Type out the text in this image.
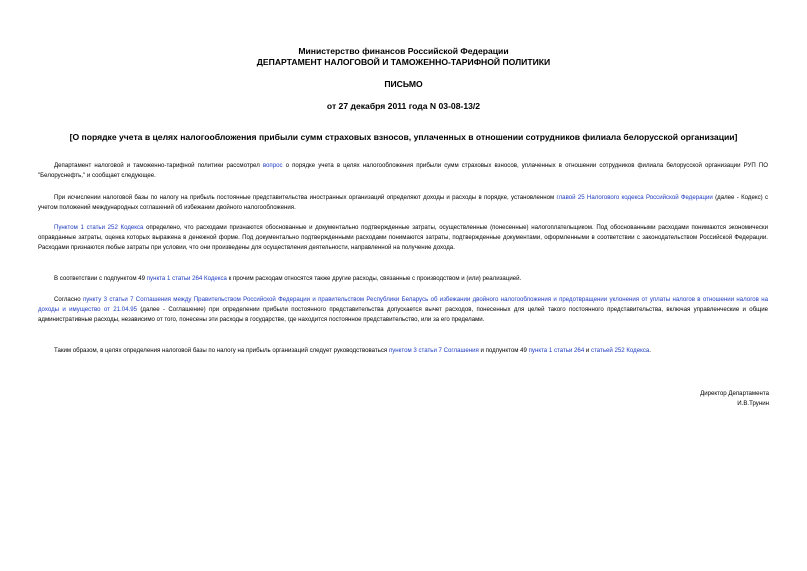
Министерство финансов Российской Федерации
ДЕПАРТАМЕНТ НАЛОГОВОЙ И ТАМОЖЕННО-ТАРИФНОЙ ПОЛИТИКИ
ПИСЬМО
от 27 декабря 2011 года N 03-08-13/2
[О порядке учета в целях налогообложения прибыли сумм страховых взносов, уплаченных в отношении сотрудников филиала белорусской организации]

Департамент налоговой и таможенно-тарифной политики рассмотрел вопрос о порядке учета в целях налогообложения прибыли сумм страховых взносов, уплаченных в отношении сотрудников филиала белорусской организации РУП ПО "Белоруснефть," и сообщает следующее.

При исчислении налоговой базы по налогу на прибыль постоянные представительства иностранных организаций определяют доходы и расходы в порядке, установленном главой 25 Налогового кодекса Российской Федерации (далее - Кодекс) с учетом положений международных соглашений об избежании двойного налогообложения.

Пунктом 1 статьи 252 Кодекса определено, что расходами признаются обоснованные и документально подтвержденные затраты, осуществленные (понесенные) налогоплательщиком. Под обоснованными расходами понимаются экономически оправданные затраты, оценка которых выражена в денежной форме. Под документально подтвержденными расходами понимаются затраты, подтвержденные документами, оформленными в соответствии с законодательством Российской Федерации. Расходами признаются любые затраты при условии, что они произведены для осуществления деятельности, направленной на получение дохода.

В соответствии с подпунктом 49 пункта 1 статьи 264 Кодекса к прочим расходам относятся также другие расходы, связанные с производством и (или) реализацией.

Согласно пункту 3 статьи 7 Соглашения между Правительством Российской Федерации и правительством Республики Беларусь об избежании двойного налогообложения и предотвращении уклонения от уплаты налогов в отношении налогов на доходы и имущество от 21.04.95 (далее - Соглашение) при определении прибыли постоянного представительства допускается вычет расходов, понесенных для целей такого постоянного представительства, включая управленческие и общие административные расходы, независимо от того, понесены эти расходы в государстве, где находится постоянное представительство, или за его пределами.

Таким образом, в целях определения налоговой базы по налогу на прибыль организаций следует руководствоваться пунктом 3 статьи 7 Соглашения и подпунктом 49 пункта 1 статьи 264 и статьей 252 Кодекса.

Директор Департамента
И.В.Трунин
